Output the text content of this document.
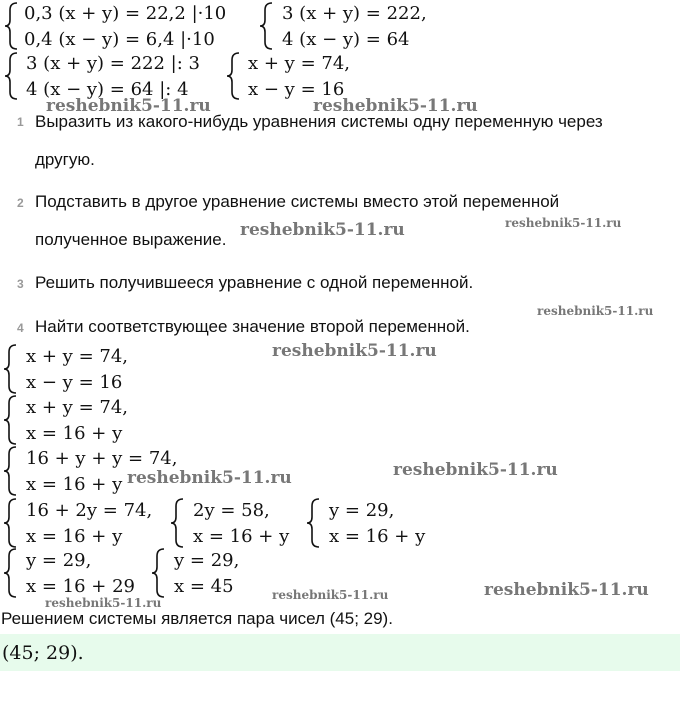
0,3 (x + y) = 22,2 |·10
0,4 (x − y) = 6,4 |·10
3 (x + y) = 222,
4 (x − y) = 64
3 (x + y) = 222 |: 3
4 (x − y) = 64 |: 4
x + y = 74,
x − y = 16
1 Выразить из какого-нибудь уравнения системы одну переменную через
другую.
2 Подставить в другое уравнение системы вместо этой переменной
полученное выражение.
3 Решить получившееся уравнение с одной переменной.
4 Найти соответствующее значение второй переменной.
x + y = 74,
x − y = 16
x + y = 74,
x = 16 + y
16 + y + y = 74,
x = 16 + y
16 + 2y = 74,
x = 16 + y
2y = 58,
x = 16 + y
y = 29,
x = 16 + y
y = 29,
x = 16 + 29
y = 29,
x = 45
Решением системы является пара чисел (45; 29).
(45; 29).
reshebnik5-11.ru	reshebnik5-11.ru
reshebnik5-11.ru	reshebnik5-11.ru
reshebnik5-11.ru
reshebnik5-11.ru
reshebnik5-11.ru	reshebnik5-11.ru
reshebnik5-11.ru	reshebnik5-11.ru
reshebnik5-11.ru
